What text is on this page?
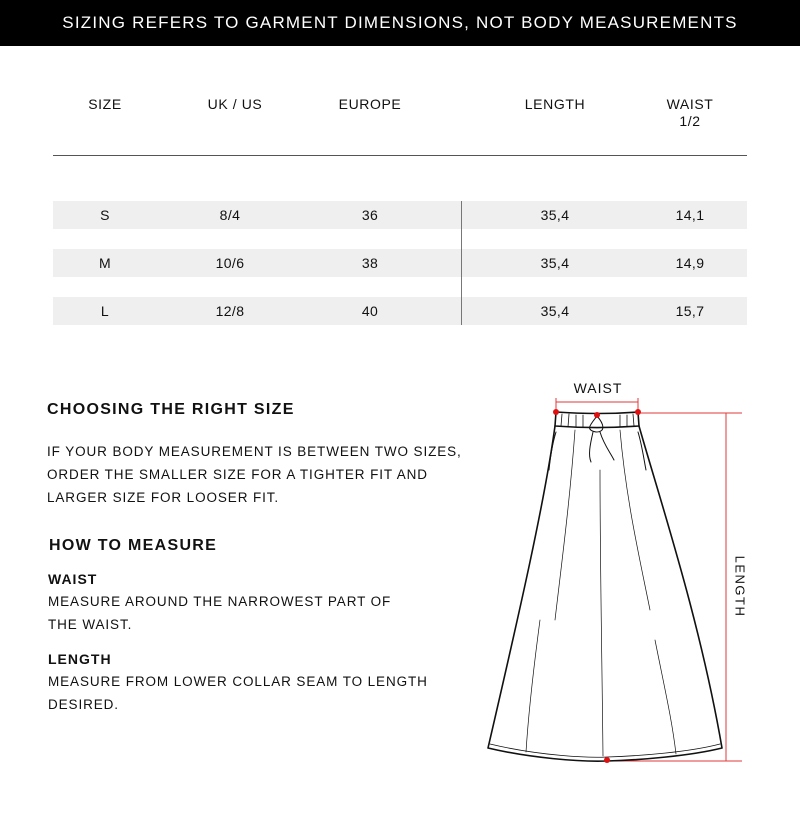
SIZING REFERS TO GARMENT DIMENSIONS, NOT BODY MEASUREMENTS
SIZE	UK / US	EUROPE	LENGTH	WAIST
1/2
S	8/4	36	35,4	14,1
M	10/6	38	35,4	14,9
L	12/8	40	35,4	15,7
CHOOSING THE RIGHT SIZE
IF YOUR BODY MEASUREMENT IS BETWEEN TWO SIZES,
ORDER THE SMALLER SIZE FOR A TIGHTER FIT AND
LARGER SIZE FOR LOOSER FIT.
HOW TO MEASURE
WAIST
MEASURE AROUND THE NARROWEST PART OF
THE WAIST.
LENGTH
MEASURE FROM LOWER COLLAR SEAM TO LENGTH
DESIRED.
WAIST
LENGTH
